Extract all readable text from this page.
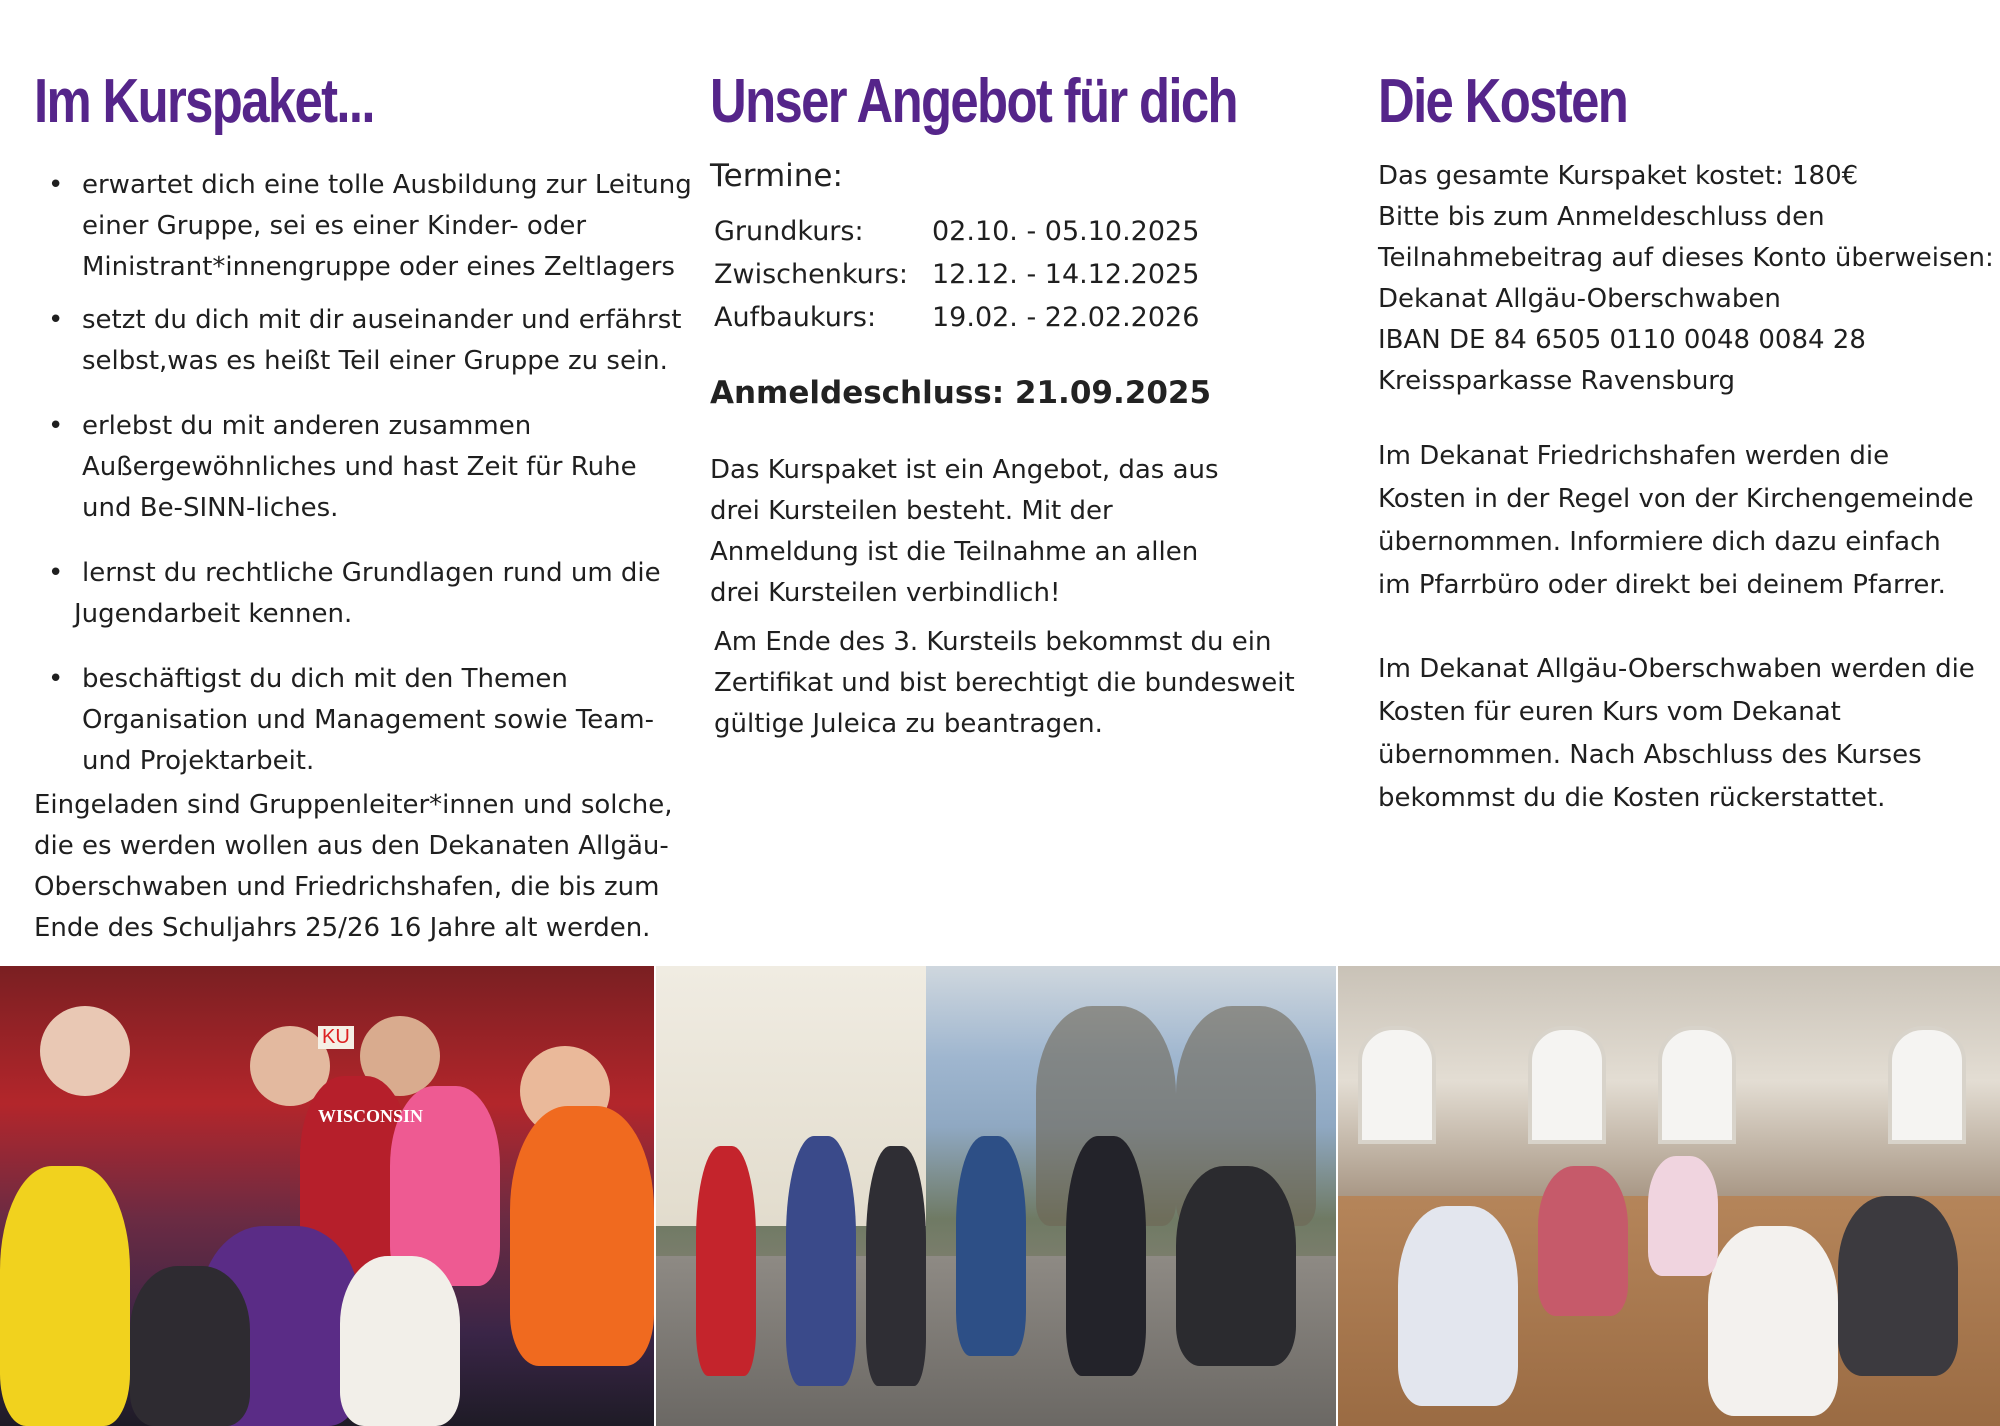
Im Kurspaket...
• erwartet dich eine tolle Ausbildung zur Leitung
einer Gruppe, sei es einer Kinder- oder
Ministrant*innengruppe oder eines Zeltlagers
• setzt du dich mit dir auseinander und erfährst
selbst,was es heißt Teil einer Gruppe zu sein.
• erlebst du mit anderen zusammen
Außergewöhnliches und hast Zeit für Ruhe
und Be-SINN-liches.
• lernst du rechtliche Grundlagen rund um die
Jugendarbeit kennen.
• beschäftigst du dich mit den Themen
Organisation und Management sowie Team-
und Projektarbeit.
Eingeladen sind Gruppenleiter*innen und solche,
die es werden wollen aus den Dekanaten Allgäu-
Oberschwaben und Friedrichshafen, die bis zum
Ende des Schuljahrs 25/26 16 Jahre alt werden.
Unser Angebot für dich
Termine:
Grundkurs:	02.10. - 05.10.2025
Zwischenkurs:	12.12. - 14.12.2025
Aufbaukurs:	19.02. - 22.02.2026
Anmeldeschluss: 21.09.2025
Das Kurspaket ist ein Angebot, das aus
drei Kursteilen besteht. Mit der
Anmeldung ist die Teilnahme an allen
drei Kursteilen verbindlich!
Am Ende des 3. Kursteils bekommst du ein
Zertifikat und bist berechtigt die bundesweit
gültige Juleica zu beantragen.
Die Kosten
Das gesamte Kurspaket kostet: 180€
Bitte bis zum Anmeldeschluss den
Teilnahmebeitrag auf dieses Konto überweisen:
Dekanat Allgäu-Oberschwaben
IBAN DE 84 6505 0110 0048 0084 28
Kreissparkasse Ravensburg
Im Dekanat Friedrichshafen werden die
Kosten in der Regel von der Kirchengemeinde
übernommen. Informiere dich dazu einfach
im Pfarrbüro oder direkt bei deinem Pfarrer.
Im Dekanat Allgäu-Oberschwaben werden die
Kosten für euren Kurs vom Dekanat
übernommen. Nach Abschluss des Kurses
bekommst du die Kosten rückerstattet.
WISCONSIN
KU
